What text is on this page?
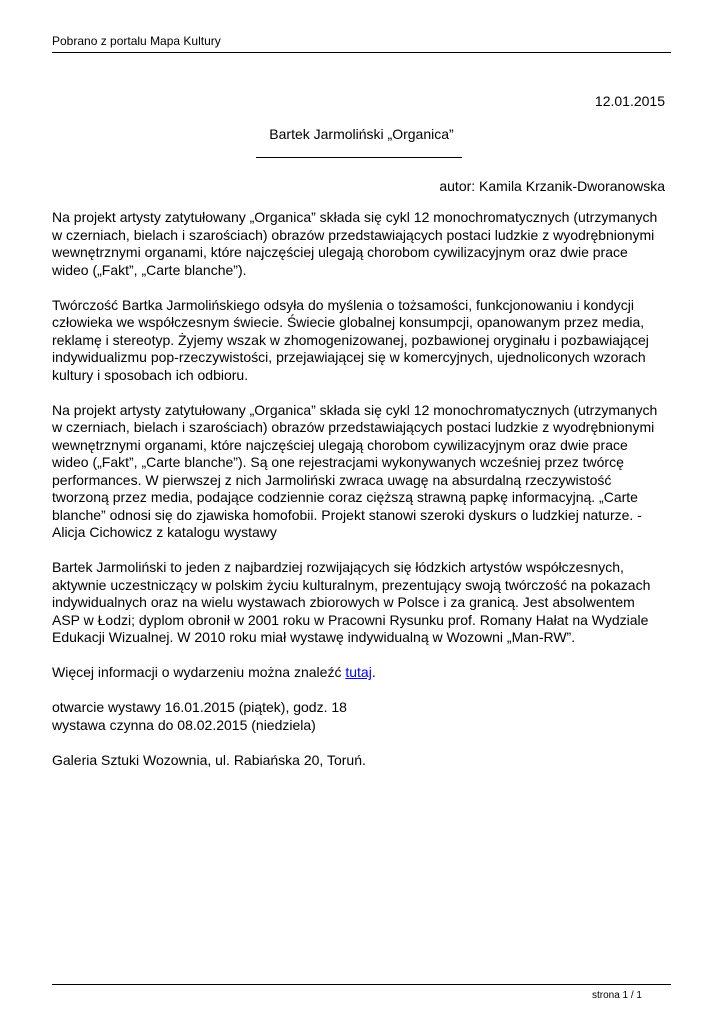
Pobrano z portalu Mapa Kultury
12.01.2015
Bartek Jarmoliński „Organica”
autor: Kamila Krzanik-Dworanowska

Na projekt artysty zatytułowany „Organica” składa się cykl 12 monochromatycznych (utrzymanych w czerniach, bielach i szarościach) obrazów przedstawiających postaci ludzkie z wyodrębnionymi wewnętrznymi organami, które najczęściej ulegają chorobom cywilizacyjnym oraz dwie prace wideo („Fakt”, „Carte blanche”).

Twórczość Bartka Jarmolińskiego odsyła do myślenia o tożsamości, funkcjonowaniu i kondycji człowieka we współczesnym świecie. Świecie globalnej konsumpcji, opanowanym przez media, reklamę i stereotyp. Żyjemy wszak w zhomogenizowanej, pozbawionej oryginału i pozbawiającej indywidualizmu pop-rzeczywistości, przejawiającej się w komercyjnych, ujednoliconych wzorach kultury i sposobach ich odbioru.

Na projekt artysty zatytułowany „Organica” składa się cykl 12 monochromatycznych (utrzymanych w czerniach, bielach i szarościach) obrazów przedstawiających postaci ludzkie z wyodrębnionymi wewnętrznymi organami, które najczęściej ulegają chorobom cywilizacyjnym oraz dwie prace wideo („Fakt”, „Carte blanche”). Są one rejestracjami wykonywanych wcześniej przez twórcę performances. W pierwszej z nich Jarmoliński zwraca uwagę na absurdalną rzeczywistość tworzoną przez media, podające codziennie coraz cięższą strawną papkę informacyjną. „Carte blanche” odnosi się do zjawiska homofobii. Projekt stanowi szeroki dyskurs o ludzkiej naturze. - Alicja Cichowicz z katalogu wystawy

Bartek Jarmoliński to jeden z najbardziej rozwijających się łódzkich artystów współczesnych, aktywnie uczestniczący w polskim życiu kulturalnym, prezentujący swoją twórczość na pokazach indywidualnych oraz na wielu wystawach zbiorowych w Polsce i za granicą. Jest absolwentem ASP w Łodzi; dyplom obronił w 2001 roku w Pracowni Rysunku prof. Romany Hałat na Wydziale Edukacji Wizualnej. W 2010 roku miał wystawę indywidualną w Wozowni „Man-RW”.

Więcej informacji o wydarzeniu można znaleźć tutaj.

otwarcie wystawy 16.01.2015 (piątek), godz. 18
wystawa czynna do 08.02.2015 (niedziela)

Galeria Sztuki Wozownia, ul. Rabiańska 20, Toruń.

strona 1 / 1
